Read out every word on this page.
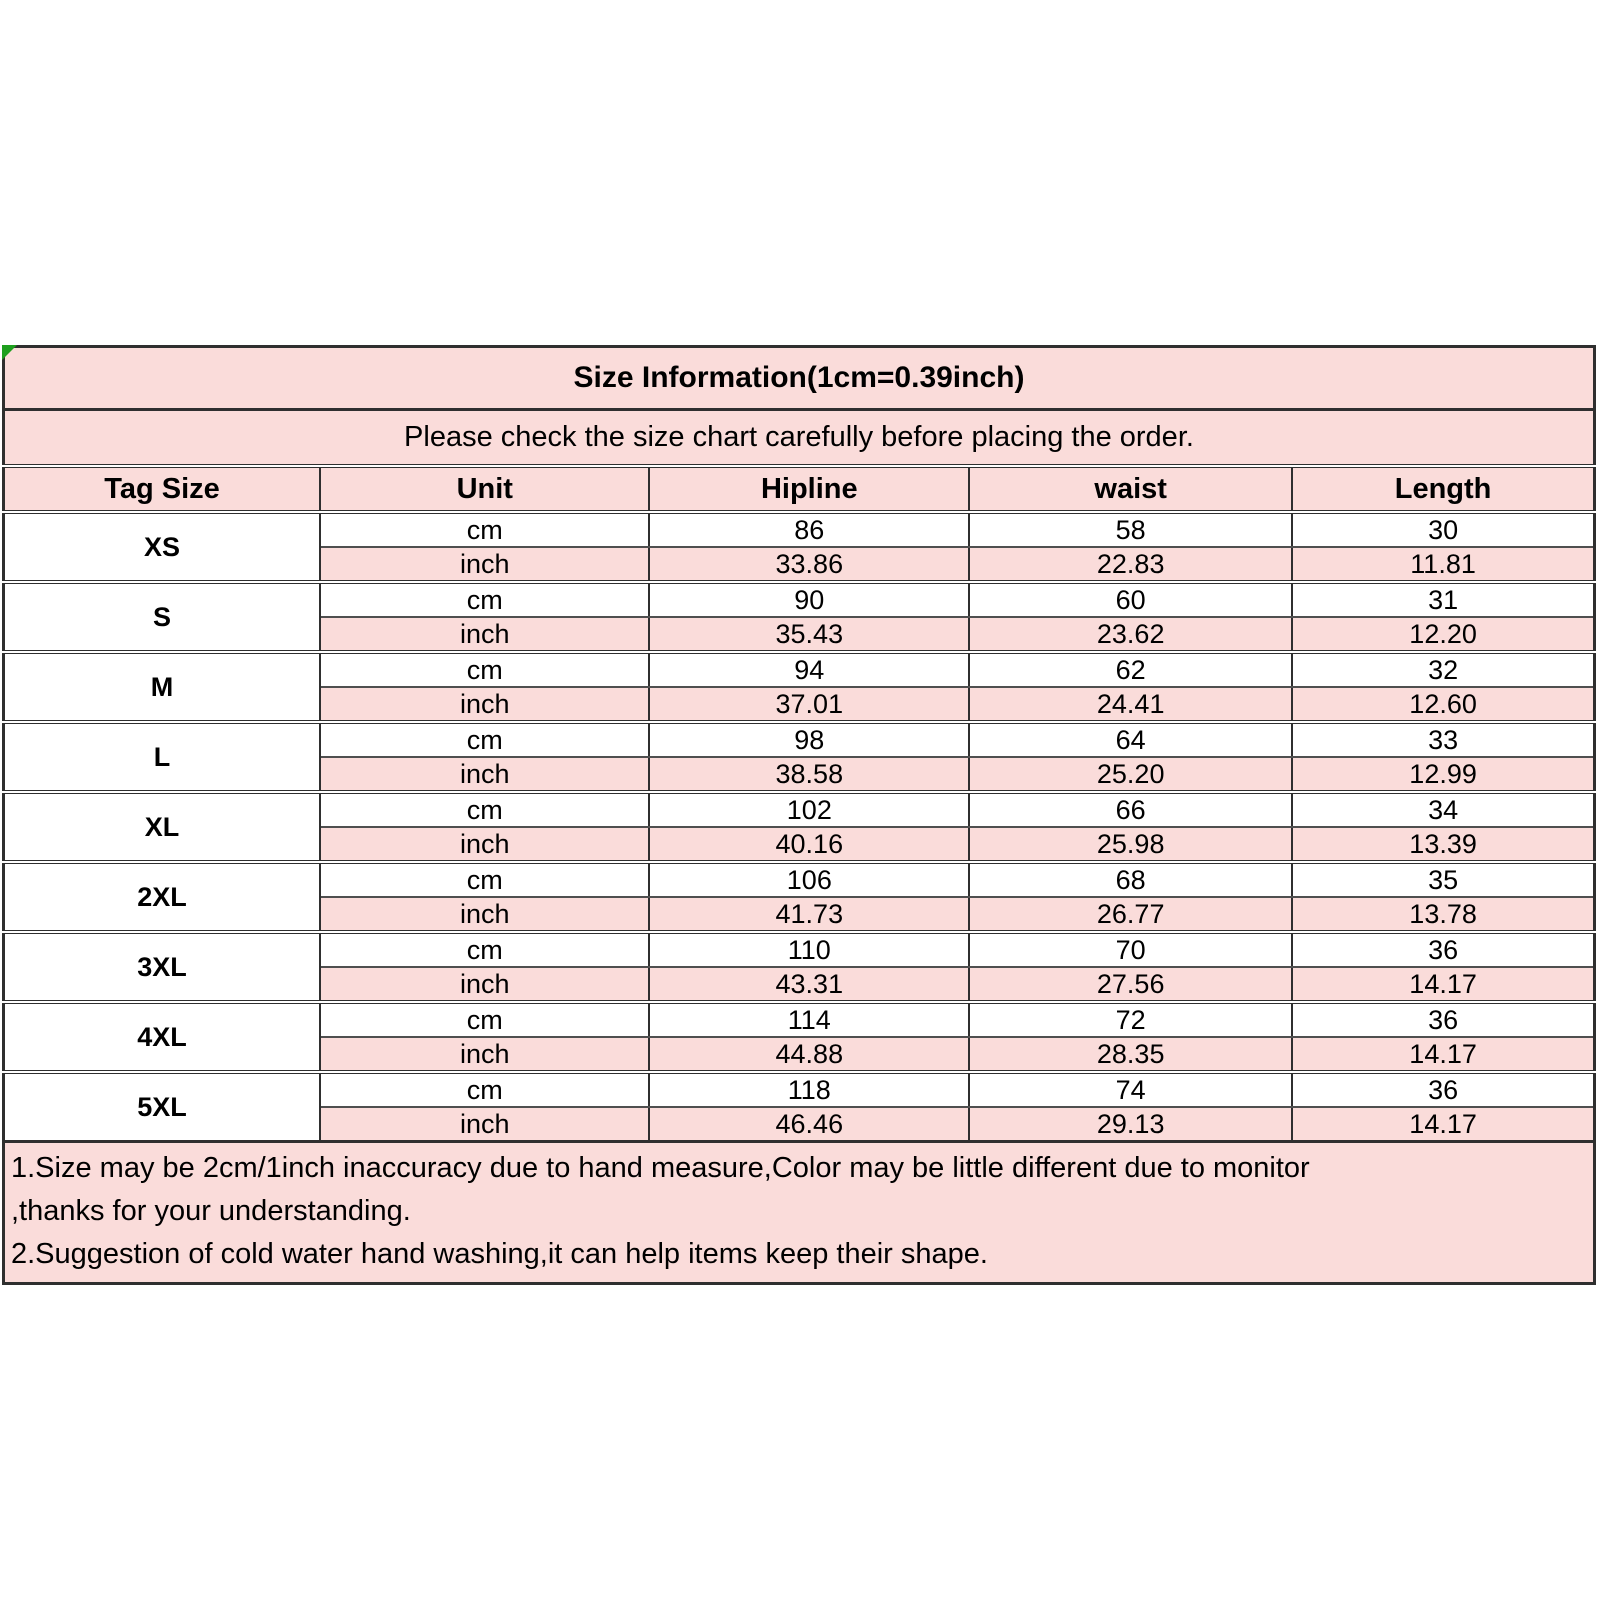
Size Information(1cm=0.39inch)				
Please check the size chart carefully before placing the order.				
Tag Size	Unit	Hipline	waist	Length
XS	cm	86	58	30
	inch	33.86	22.83	11.81
S	cm	90	60	31
	inch	35.43	23.62	12.20
M	cm	94	62	32
	inch	37.01	24.41	12.60
L	cm	98	64	33
	inch	38.58	25.20	12.99
XL	cm	102	66	34
	inch	40.16	25.98	13.39
2XL	cm	106	68	35
	inch	41.73	26.77	13.78
3XL	cm	110	70	36
	inch	43.31	27.56	14.17
4XL	cm	114	72	36
	inch	44.88	28.35	14.17
5XL	cm	118	74	36
	inch	46.46	29.13	14.17

1.Size may be 2cm/1inch inaccuracy due to hand measure,Color may be little different due to monitor
,thanks for your understanding.
2.Suggestion of cold water hand washing,it can help items keep their shape.				
